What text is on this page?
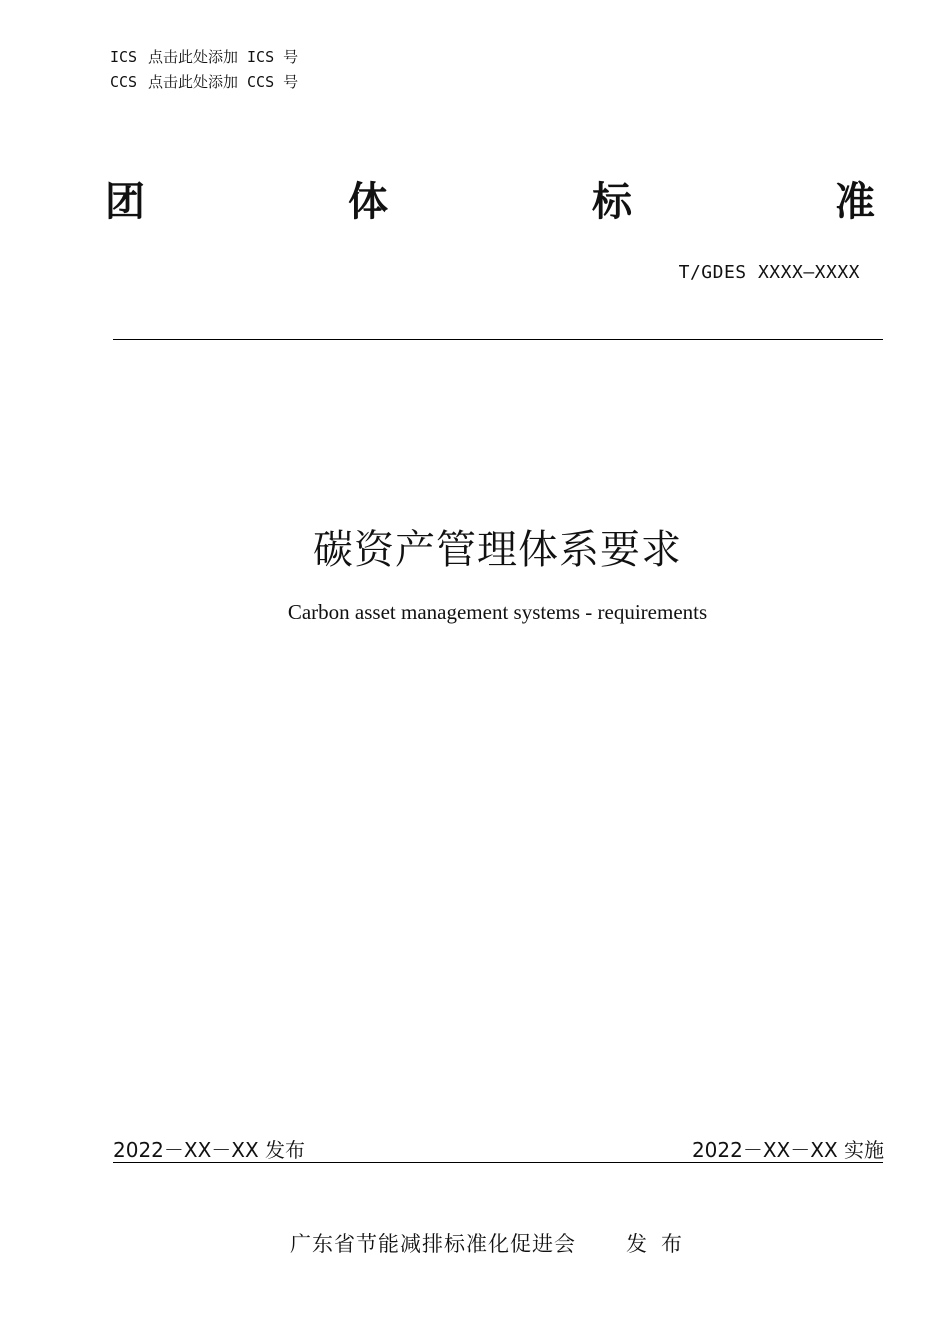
ICS 点击此处添加 ICS 号
CCS 点击此处添加 CCS 号
团	体	标	准
T/GDES XXXX—XXXX
碳资产管理体系要求
Carbon asset management systems - requirements
2022－XX－XX 发布	2022－XX－XX 实施
广东省节能减排标准化促进会 发布
